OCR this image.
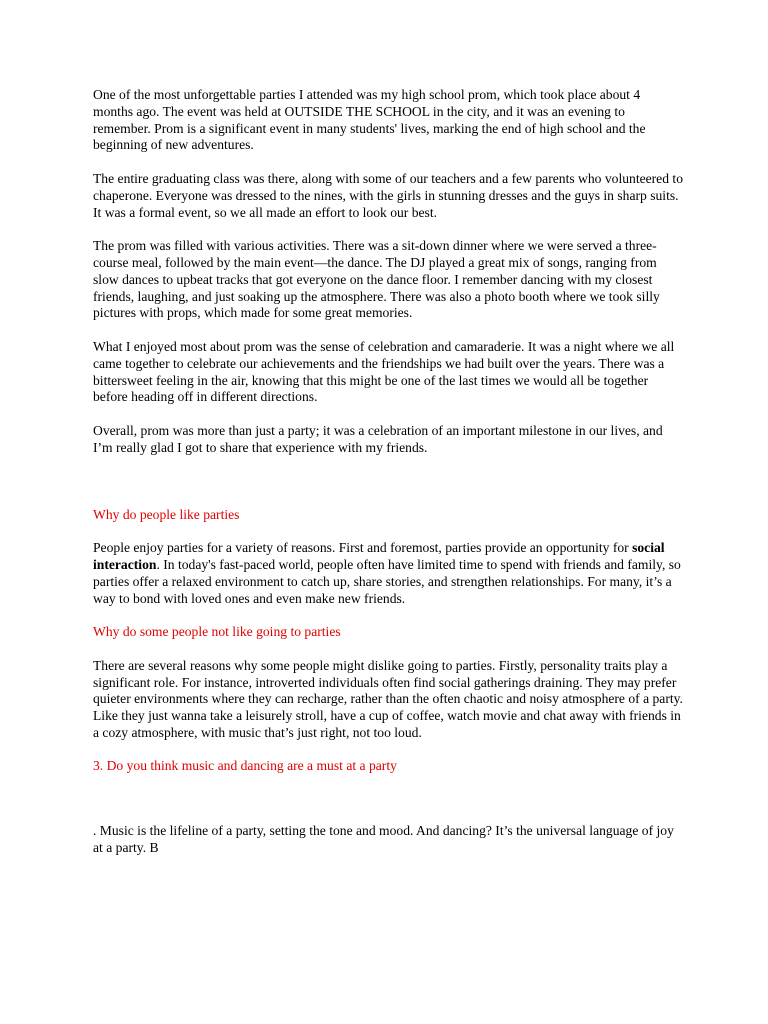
One of the most unforgettable parties I attended was my high school prom, which took place about 4 months ago. The event was held at OUTSIDE THE SCHOOL in the city, and it was an evening to remember. Prom is a significant event in many students' lives, marking the end of high school and the beginning of new adventures.

The entire graduating class was there, along with some of our teachers and a few parents who volunteered to chaperone. Everyone was dressed to the nines, with the girls in stunning dresses and the guys in sharp suits. It was a formal event, so we all made an effort to look our best.

The prom was filled with various activities. There was a sit-down dinner where we were served a three-course meal, followed by the main event—the dance. The DJ played a great mix of songs, ranging from slow dances to upbeat tracks that got everyone on the dance floor. I remember dancing with my closest friends, laughing, and just soaking up the atmosphere. There was also a photo booth where we took silly pictures with props, which made for some great memories.

What I enjoyed most about prom was the sense of celebration and camaraderie. It was a night where we all came together to celebrate our achievements and the friendships we had built over the years. There was a bittersweet feeling in the air, knowing that this might be one of the last times we would all be together before heading off in different directions.

Overall, prom was more than just a party; it was a celebration of an important milestone in our lives, and I’m really glad I got to share that experience with my friends.

Why do people like parties

People enjoy parties for a variety of reasons. First and foremost, parties provide an opportunity for social interaction. In today's fast-paced world, people often have limited time to spend with friends and family, so parties offer a relaxed environment to catch up, share stories, and strengthen relationships. For many, it’s a way to bond with loved ones and even make new friends.

Why do some people not like going to parties

There are several reasons why some people might dislike going to parties. Firstly, personality traits play a significant role. For instance, introverted individuals often find social gatherings draining. They may prefer quieter environments where they can recharge, rather than the often chaotic and noisy atmosphere of a party. Like they just wanna take a leisurely stroll, have a cup of coffee, watch movie and chat away with friends in a cozy atmosphere, with music that’s just right, not too loud.

3. Do you think music and dancing are a must at a party

. Music is the lifeline of a party, setting the tone and mood. And dancing? It’s the universal language of joy at a party. B
